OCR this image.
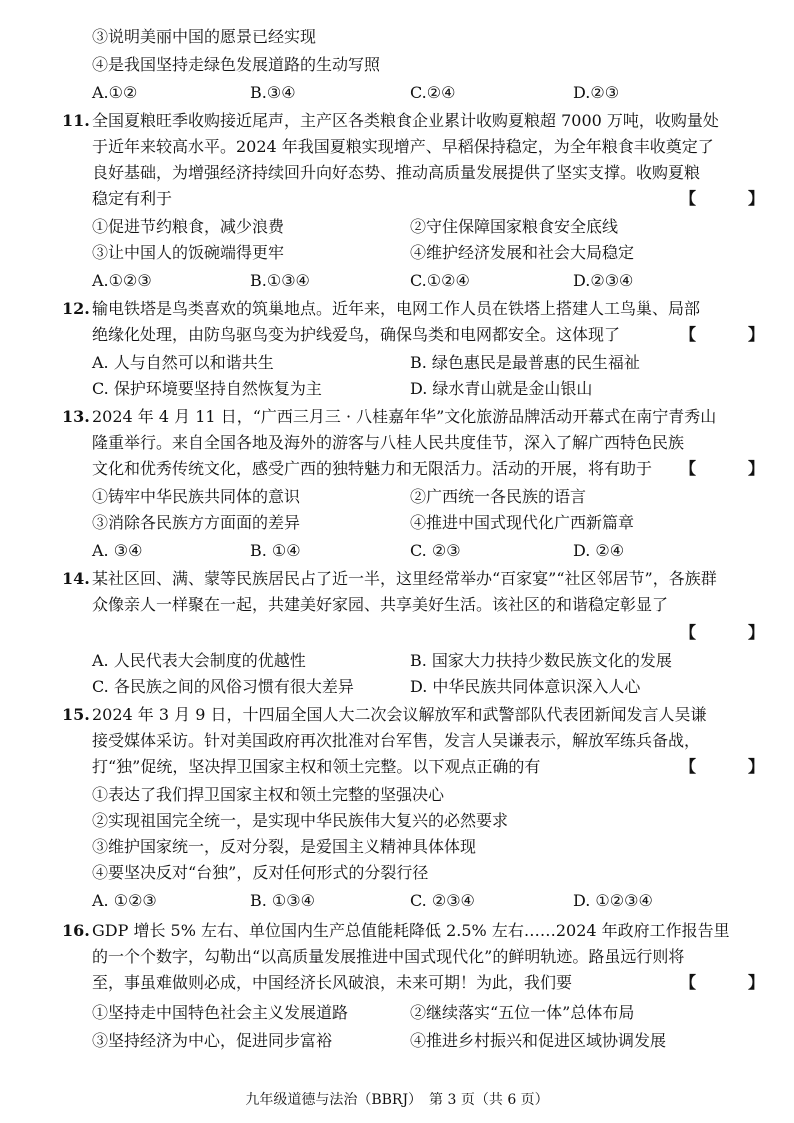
③说明美丽中国的愿景已经实现
④是我国坚持走绿色发展道路的生动写照
A.①②	B.③④	C.②④	D.②③
11. 全国夏粮旺季收购接近尾声，主产区各类粮食企业累计收购夏粮超 7000 万吨，收购量处
于近年来较高水平。2024 年我国夏粮实现增产、早稻保持稳定，为全年粮食丰收奠定了
良好基础，为增强经济持续回升向好态势、推动高质量发展提供了坚实支撑。收购夏粮
稳定有利于	【　】
①促进节约粮食，减少浪费	②守住保障国家粮食安全底线
③让中国人的饭碗端得更牢	④维护经济发展和社会大局稳定
A.①②③	B.①③④	C.①②④	D.②③④
12. 输电铁塔是鸟类喜欢的筑巢地点。近年来，电网工作人员在铁塔上搭建人工鸟巢、局部
绝缘化处理，由防鸟驱鸟变为护线爱鸟，确保鸟类和电网都安全。这体现了	【　】
A. 人与自然可以和谐共生	B. 绿色惠民是最普惠的民生福祉
C. 保护环境要坚持自然恢复为主	D. 绿水青山就是金山银山
13. 2024 年 4 月 11 日，“广西三月三 · 八桂嘉年华”文化旅游品牌活动开幕式在南宁青秀山
隆重举行。来自全国各地及海外的游客与八桂人民共度佳节，深入了解广西特色民族
文化和优秀传统文化，感受广西的独特魅力和无限活力。活动的开展，将有助于 【　】
①铸牢中华民族共同体的意识	②广西统一各民族的语言
③消除各民族方方面面的差异	④推进中国式现代化广西新篇章
A. ③④	B. ①④	C. ②③	D. ②④
14. 某社区回、满、蒙等民族居民占了近一半，这里经常举办“百家宴”“社区邻居节”，各族群
众像亲人一样聚在一起，共建美好家园、共享美好生活。该社区的和谐稳定彰显了
【　】
A. 人民代表大会制度的优越性	B. 国家大力扶持少数民族文化的发展
C. 各民族之间的风俗习惯有很大差异	D. 中华民族共同体意识深入人心
15. 2024 年 3 月 9 日，十四届全国人大二次会议解放军和武警部队代表团新闻发言人吴谦
接受媒体采访。针对美国政府再次批准对台军售，发言人吴谦表示，解放军练兵备战，
打“独”促统，坚决捍卫国家主权和领土完整。以下观点正确的有	【　】
①表达了我们捍卫国家主权和领土完整的坚强决心
②实现祖国完全统一，是实现中华民族伟大复兴的必然要求
③维护国家统一，反对分裂，是爱国主义精神具体体现
④要坚决反对“台独”，反对任何形式的分裂行径
A. ①②③	B. ①③④	C. ②③④	D. ①②③④
16. GDP 增长 5% 左右、单位国内生产总值能耗降低 2.5% 左右……2024 年政府工作报告里
的一个个数字，勾勒出“以高质量发展推进中国式现代化”的鲜明轨迹。路虽远行则将
至，事虽难做则必成，中国经济长风破浪，未来可期！为此，我们要	【　】
①坚持走中国特色社会主义发展道路	②继续落实“五位一体”总体布局
③坚持经济为中心，促进同步富裕	④推进乡村振兴和促进区域协调发展
九年级道德与法治（BBRJ）　第 3 页（共 6 页）
